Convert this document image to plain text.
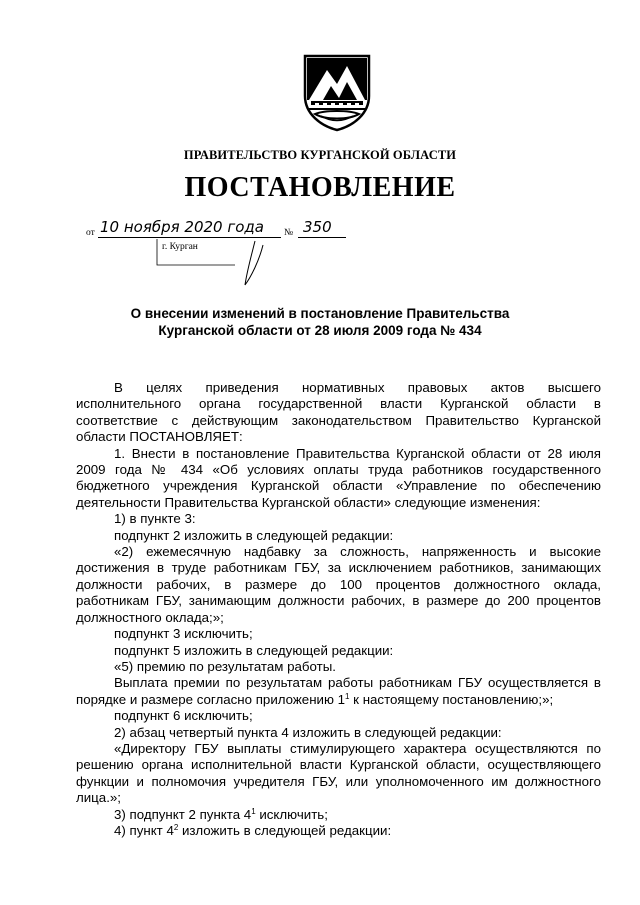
ПРАВИТЕЛЬСТВО КУРГАНСКОЙ ОБЛАСТИ
ПОСТАНОВЛЕНИЕ
от 10 ноября 2020 года № 350
г. Курган
О внесении изменений в постановление Правительства
Курганской области от 28 июля 2009 года № 434
В целях приведения нормативных правовых актов высшего
исполнительного органа государственной власти Курганской области в
соответствие с действующим законодательством Правительство Курганской
области ПОСТАНОВЛЯЕТ:
1. Внести в постановление Правительства Курганской области от 28 июля
2009 года № 434 «Об условиях оплаты труда работников государственного
бюджетного учреждения Курганской области «Управление по обеспечению
деятельности Правительства Курганской области» следующие изменения:
1) в пункте 3:
подпункт 2 изложить в следующей редакции:
«2) ежемесячную надбавку за сложность, напряженность и высокие
достижения в труде работникам ГБУ, за исключением работников, занимающих
должности рабочих, в размере до 100 процентов должностного оклада,
работникам ГБУ, занимающим должности рабочих, в размере до 200 процентов
должностного оклада;»;
подпункт 3 исключить;
подпункт 5 изложить в следующей редакции:
«5) премию по результатам работы.
Выплата премии по результатам работы работникам ГБУ осуществляется в
порядке и размере согласно приложению $1^1$ к настоящему постановлению;»;
подпункт 6 исключить;
2) абзац четвертый пункта 4 изложить в следующей редакции:
«Директору ГБУ выплаты стимулирующего характера осуществляются по
решению органа исполнительной власти Курганской области, осуществляющего
функции и полномочия учредителя ГБУ, или уполномоченного им должностного
лица.»;
3) подпункт 2 пункта $4^1$ исключить;
4) пункт $4^2$ изложить в следующей редакции:
